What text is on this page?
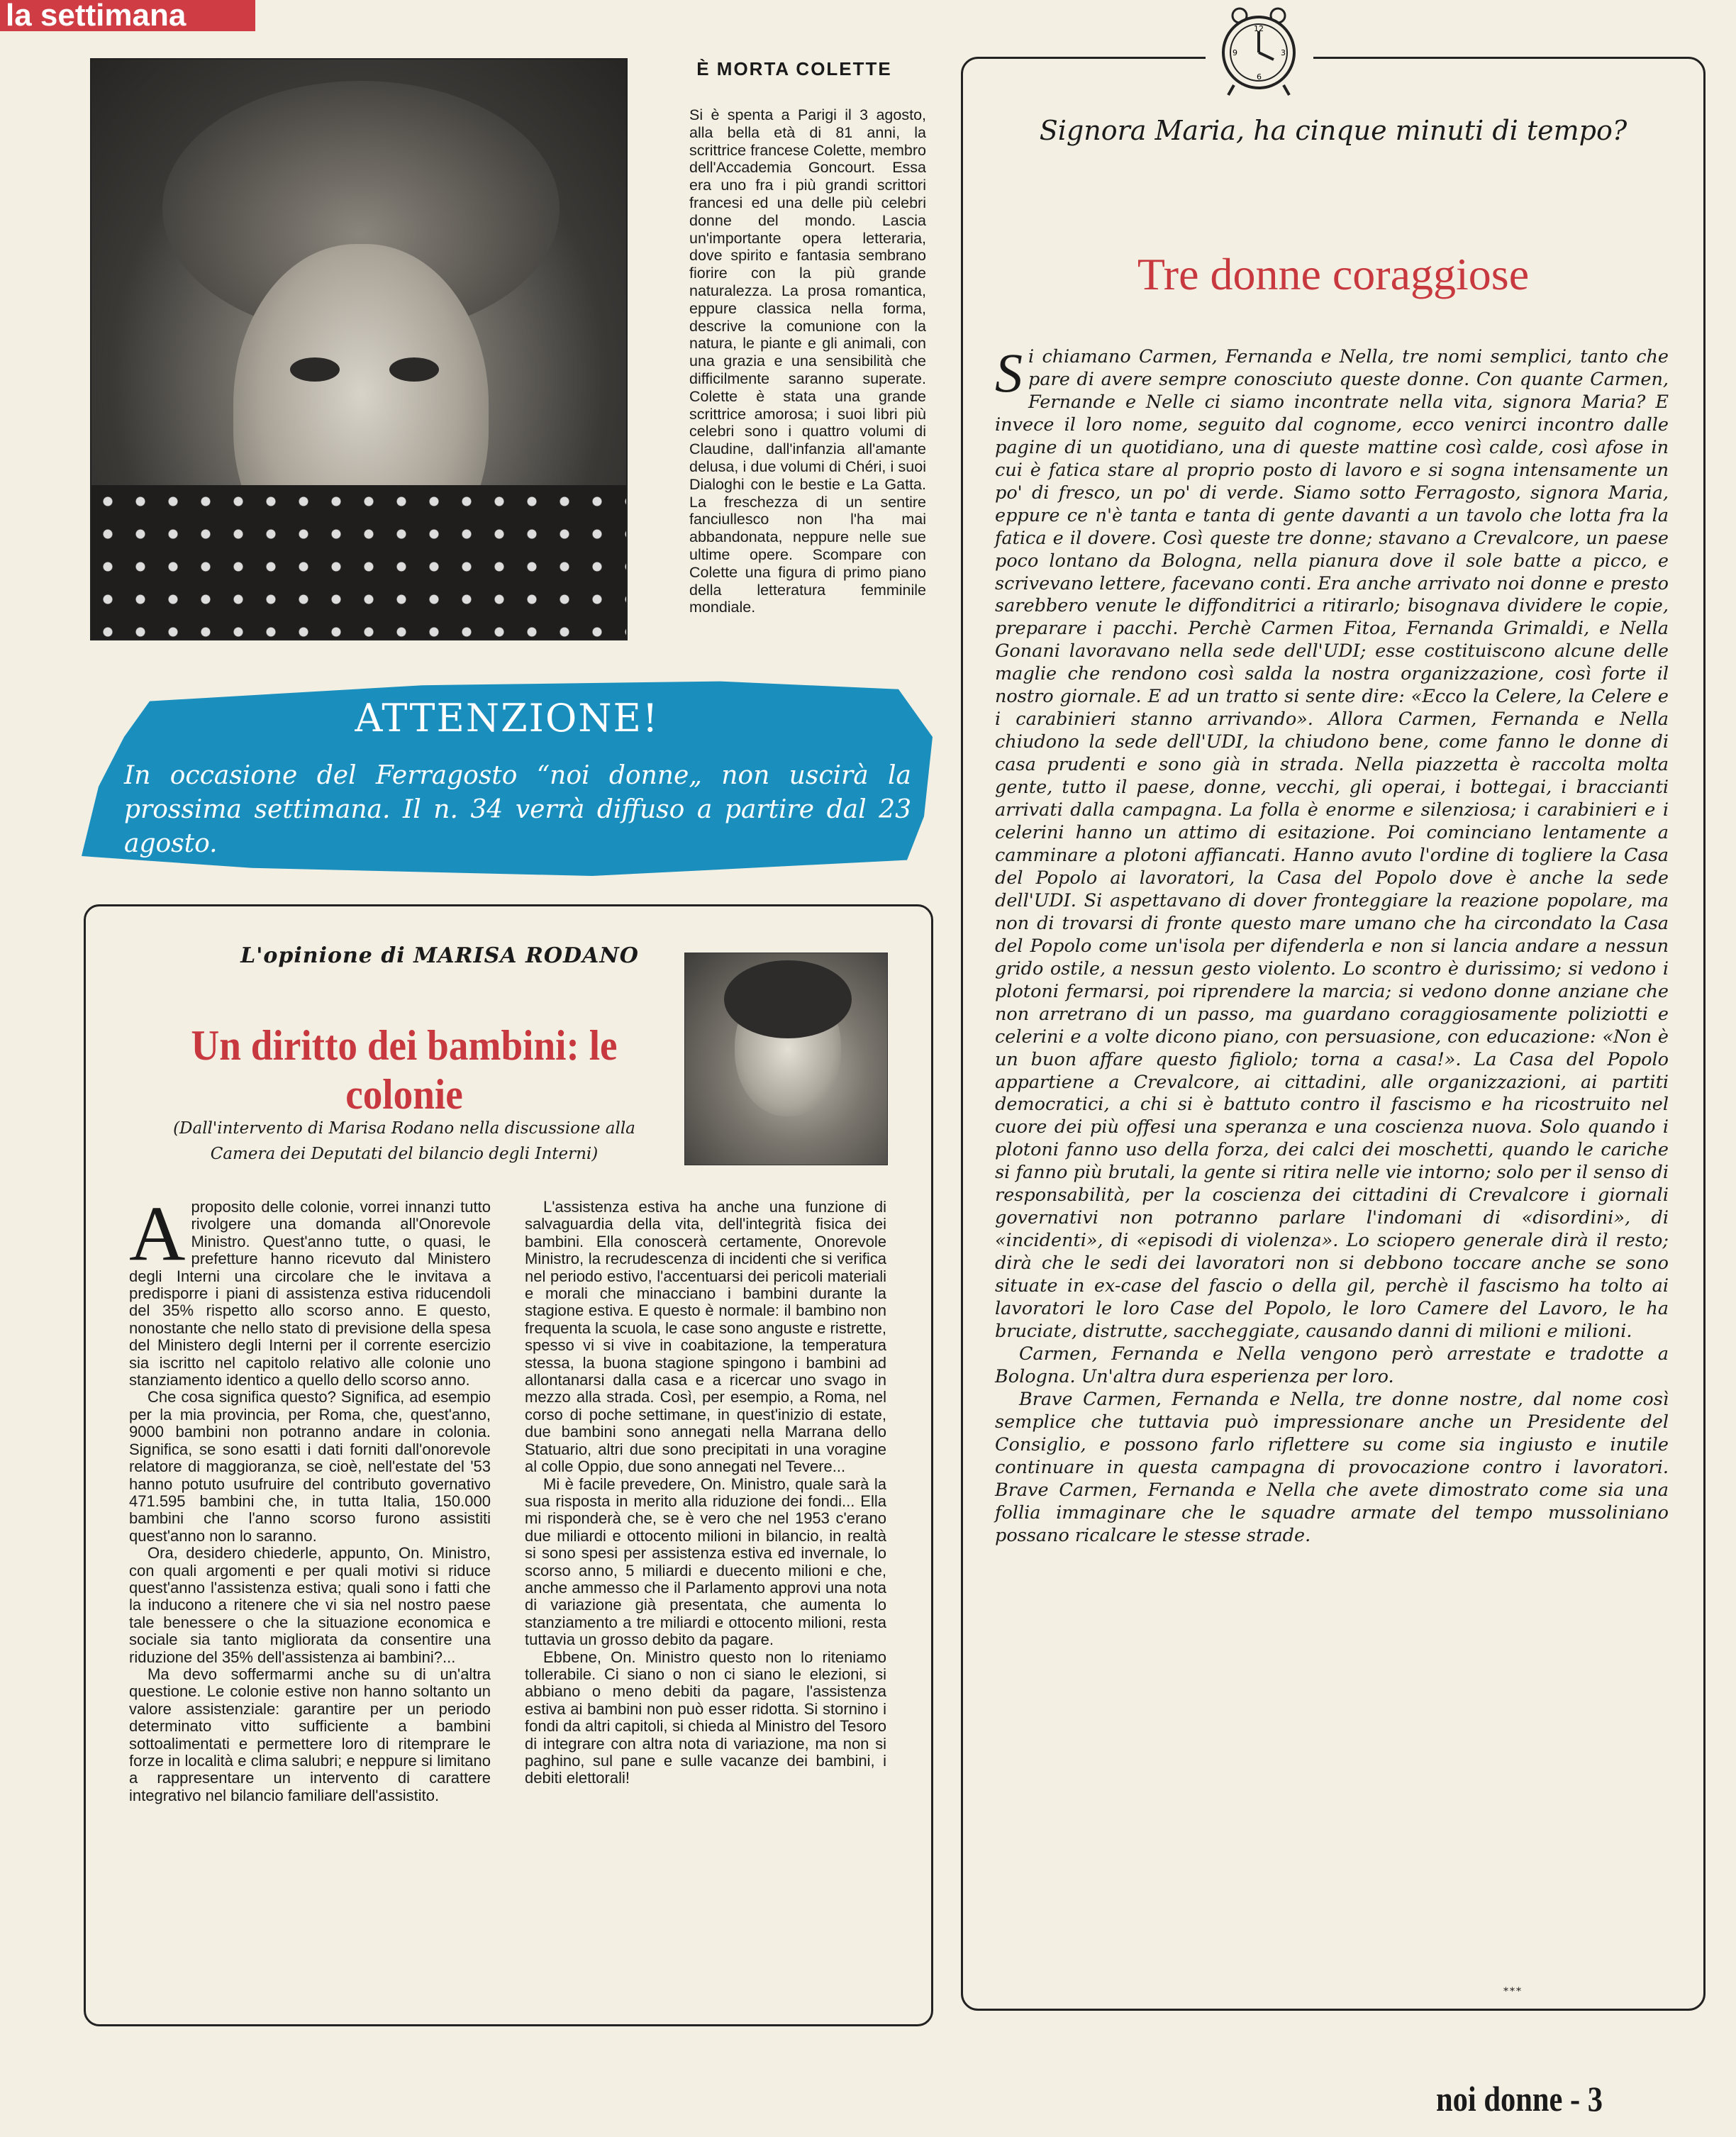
la settimana
È MORTA COLETTE
Si è spenta a Parigi il 3 agosto, alla bella età di 81 anni, la scrittrice francese Colette, membro dell'Accademia Goncourt. Essa era uno fra i più grandi scrittori francesi ed una delle più celebri donne del mondo. Lascia un'importante opera letteraria, dove spirito e fantasia sembrano fiorire con la più grande naturalezza. La prosa romantica, eppure classica nella forma, descrive la comunione con la natura, le piante e gli animali, con una grazia e una sensibilità che difficilmente saranno superate. Colette è stata una grande scrittrice amorosa; i suoi libri più celebri sono i quattro volumi di Claudine, dall'infanzia all'amante delusa, i due volumi di Chéri, i suoi Dialoghi con le bestie e La Gatta. La freschezza di un sentire fanciullesco non l'ha mai abbandonata, neppure nelle sue ultime opere. Scompare con Colette una figura di primo piano della letteratura femminile mondiale.
ATTENZIONE!
In occasione del Ferragosto “noi donne„ non uscirà la prossima settimana. Il n. 34 verrà diffuso a partire dal 23 agosto.
L'opinione di MARISA RODANO
Un diritto dei bambini: le colonie
(Dall'intervento di Marisa Rodano nella discussione alla Camera dei Deputati del bilancio degli Interni)

Aproposito delle colonie, vorrei innanzi tutto rivolgere una domanda all'Onorevole Ministro. Quest'anno tutte, o quasi, le prefetture hanno ricevuto dal Ministero degli Interni una circolare che le invitava a predisporre i piani di assistenza estiva riducendoli del 35% rispetto allo scorso anno. E questo, nonostante che nello stato di previsione della spesa del Ministero degli Interni per il corrente esercizio sia iscritto nel capitolo relativo alle colonie uno stanziamento identico a quello dello scorso anno.

Che cosa significa questo? Significa, ad esempio per la mia provincia, per Roma, che, quest'anno, 9000 bambini non potranno andare in colonia. Significa, se sono esatti i dati forniti dall'onorevole relatore di maggioranza, se cioè, nell'estate del '53 hanno potuto usufruire del contributo governativo 471.595 bambini che, in tutta Italia, 150.000 bambini che l'anno scorso furono assistiti quest'anno non lo saranno.

Ora, desidero chiederle, appunto, On. Ministro, con quali argomenti e per quali motivi si riduce quest'anno l'assistenza estiva; quali sono i fatti che la inducono a ritenere che vi sia nel nostro paese tale benessere o che la situazione economica e sociale sia tanto migliorata da consentire una riduzione del 35% dell'assistenza ai bambini?...

Ma devo soffermarmi anche su di un'altra questione. Le colonie estive non hanno soltanto un valore assistenziale: garantire per un periodo determinato vitto sufficiente a bambini sottoalimentati e permettere loro di ritemprare le forze in località e clima salubri; e neppure si limitano a rappresentare un intervento di carattere integrativo nel bilancio familiare dell'assistito.

L'assistenza estiva ha anche una funzione di salvaguardia della vita, dell'integrità fisica dei bambini. Ella conoscerà certamente, Onorevole Ministro, la recrudescenza di incidenti che si verifica nel periodo estivo, l'accentuarsi dei pericoli materiali e morali che minacciano i bambini durante la stagione estiva. E questo è normale: il bambino non frequenta la scuola, le case sono anguste e ristrette, spesso vi si vive in coabitazione, la temperatura stessa, la buona stagione spingono i bambini ad allontanarsi dalla casa e a ricercar uno svago in mezzo alla strada. Così, per esempio, a Roma, nel corso di poche settimane, in quest'inizio di estate, due bambini sono annegati nella Marrana dello Statuario, altri due sono precipitati in una voragine al colle Oppio, due sono annegati nel Tevere...

Mi è facile prevedere, On. Ministro, quale sarà la sua risposta in merito alla riduzione dei fondi... Ella mi risponderà che, se è vero che nel 1953 c'erano due miliardi e ottocento milioni in bilancio, in realtà si sono spesi per assistenza estiva ed invernale, lo scorso anno, 5 miliardi e duecento milioni e che, anche ammesso che il Parlamento approvi una nota di variazione già presentata, che aumenta lo stanziamento a tre miliardi e ottocento milioni, resta tuttavia un grosso debito da pagare.

Ebbene, On. Ministro questo non lo riteniamo tollerabile. Ci siano o non ci siano le elezioni, si abbiano o meno debiti da pagare, l'assistenza estiva ai bambini non può esser ridotta. Si stornino i fondi da altri capitoli, si chieda al Ministro del Tesoro di integrare con altra nota di variazione, ma non si paghino, sul pane e sulle vacanze dei bambini, i debiti elettorali!

12
3
6
9
Signora Maria, ha cinque minuti di tempo?
Tre donne coraggiose

Si chiamano Carmen, Fernanda e Nella, tre nomi semplici, tanto che pare di avere sempre conosciuto queste donne. Con quante Carmen, Fernande e Nelle ci siamo incontrate nella vita, signora Maria? E invece il loro nome, seguito dal cognome, ecco venirci incontro dalle pagine di un quotidiano, una di queste mattine così calde, così afose in cui è fatica stare al proprio posto di lavoro e si sogna intensamente un po' di fresco, un po' di verde. Siamo sotto Ferragosto, signora Maria, eppure ce n'è tanta e tanta di gente davanti a un tavolo che lotta fra la fatica e il dovere. Così queste tre donne; stavano a Crevalcore, un paese poco lontano da Bologna, nella pianura dove il sole batte a picco, e scrivevano lettere, facevano conti. Era anche arrivato noi donne e presto sarebbero venute le diffonditrici a ritirarlo; bisognava dividere le copie, preparare i pacchi. Perchè Carmen Fitoa, Fernanda Grimaldi, e Nella Gonani lavoravano nella sede dell'UDI; esse costituiscono alcune delle maglie che rendono così salda la nostra organizzazione, così forte il nostro giornale. E ad un tratto si sente dire: «Ecco la Celere, la Celere e i carabinieri stanno arrivando». Allora Carmen, Fernanda e Nella chiudono la sede dell'UDI, la chiudono bene, come fanno le donne di casa prudenti e sono già in strada. Nella piazzetta è raccolta molta gente, tutto il paese, donne, vecchi, gli operai, i bottegai, i braccianti arrivati dalla campagna. La folla è enorme e silenziosa; i carabinieri e i celerini hanno un attimo di esitazione. Poi cominciano lentamente a camminare a plotoni affiancati. Hanno avuto l'ordine di togliere la Casa del Popolo ai lavoratori, la Casa del Popolo dove è anche la sede dell'UDI. Si aspettavano di dover fronteggiare la reazione popolare, ma non di trovarsi di fronte questo mare umano che ha circondato la Casa del Popolo come un'isola per difenderla e non si lancia andare a nessun grido ostile, a nessun gesto violento. Lo scontro è durissimo; si vedono i plotoni fermarsi, poi riprendere la marcia; si vedono donne anziane che non arretrano di un passo, ma guardano coraggiosamente poliziotti e celerini e a volte dicono piano, con persuasione, con educazione: «Non è un buon affare questo figliolo; torna a casa!». La Casa del Popolo appartiene a Crevalcore, ai cittadini, alle organizzazioni, ai partiti democratici, a chi si è battuto contro il fascismo e ha ricostruito nel cuore dei più offesi una speranza e una coscienza nuova. Solo quando i plotoni fanno uso della forza, dei calci dei moschetti, quando le cariche si fanno più brutali, la gente si ritira nelle vie intorno; solo per il senso di responsabilità, per la coscienza dei cittadini di Crevalcore i giornali governativi non potranno parlare l'indomani di «disordini», di «incidenti», di «episodi di violenza». Lo sciopero generale dirà il resto; dirà che le sedi dei lavoratori non si debbono toccare anche se sono situate in ex-case del fascio o della gil, perchè il fascismo ha tolto ai lavoratori le loro Case del Popolo, le loro Camere del Lavoro, le ha bruciate, distrutte, saccheggiate, causando danni di milioni e milioni.

Carmen, Fernanda e Nella vengono però arrestate e tradotte a Bologna. Un'altra dura esperienza per loro.

Brave Carmen, Fernanda e Nella, tre donne nostre, dal nome così semplice che tuttavia può impressionare anche un Presidente del Consiglio, e possono farlo riflettere su come sia ingiusto e inutile continuare in questa campagna di provocazione contro i lavoratori. Brave Carmen, Fernanda e Nella che avete dimostrato come sia una follia immaginare che le squadre armate del tempo mussoliniano possano ricalcare le stesse strade.

***
noi donne - 3
